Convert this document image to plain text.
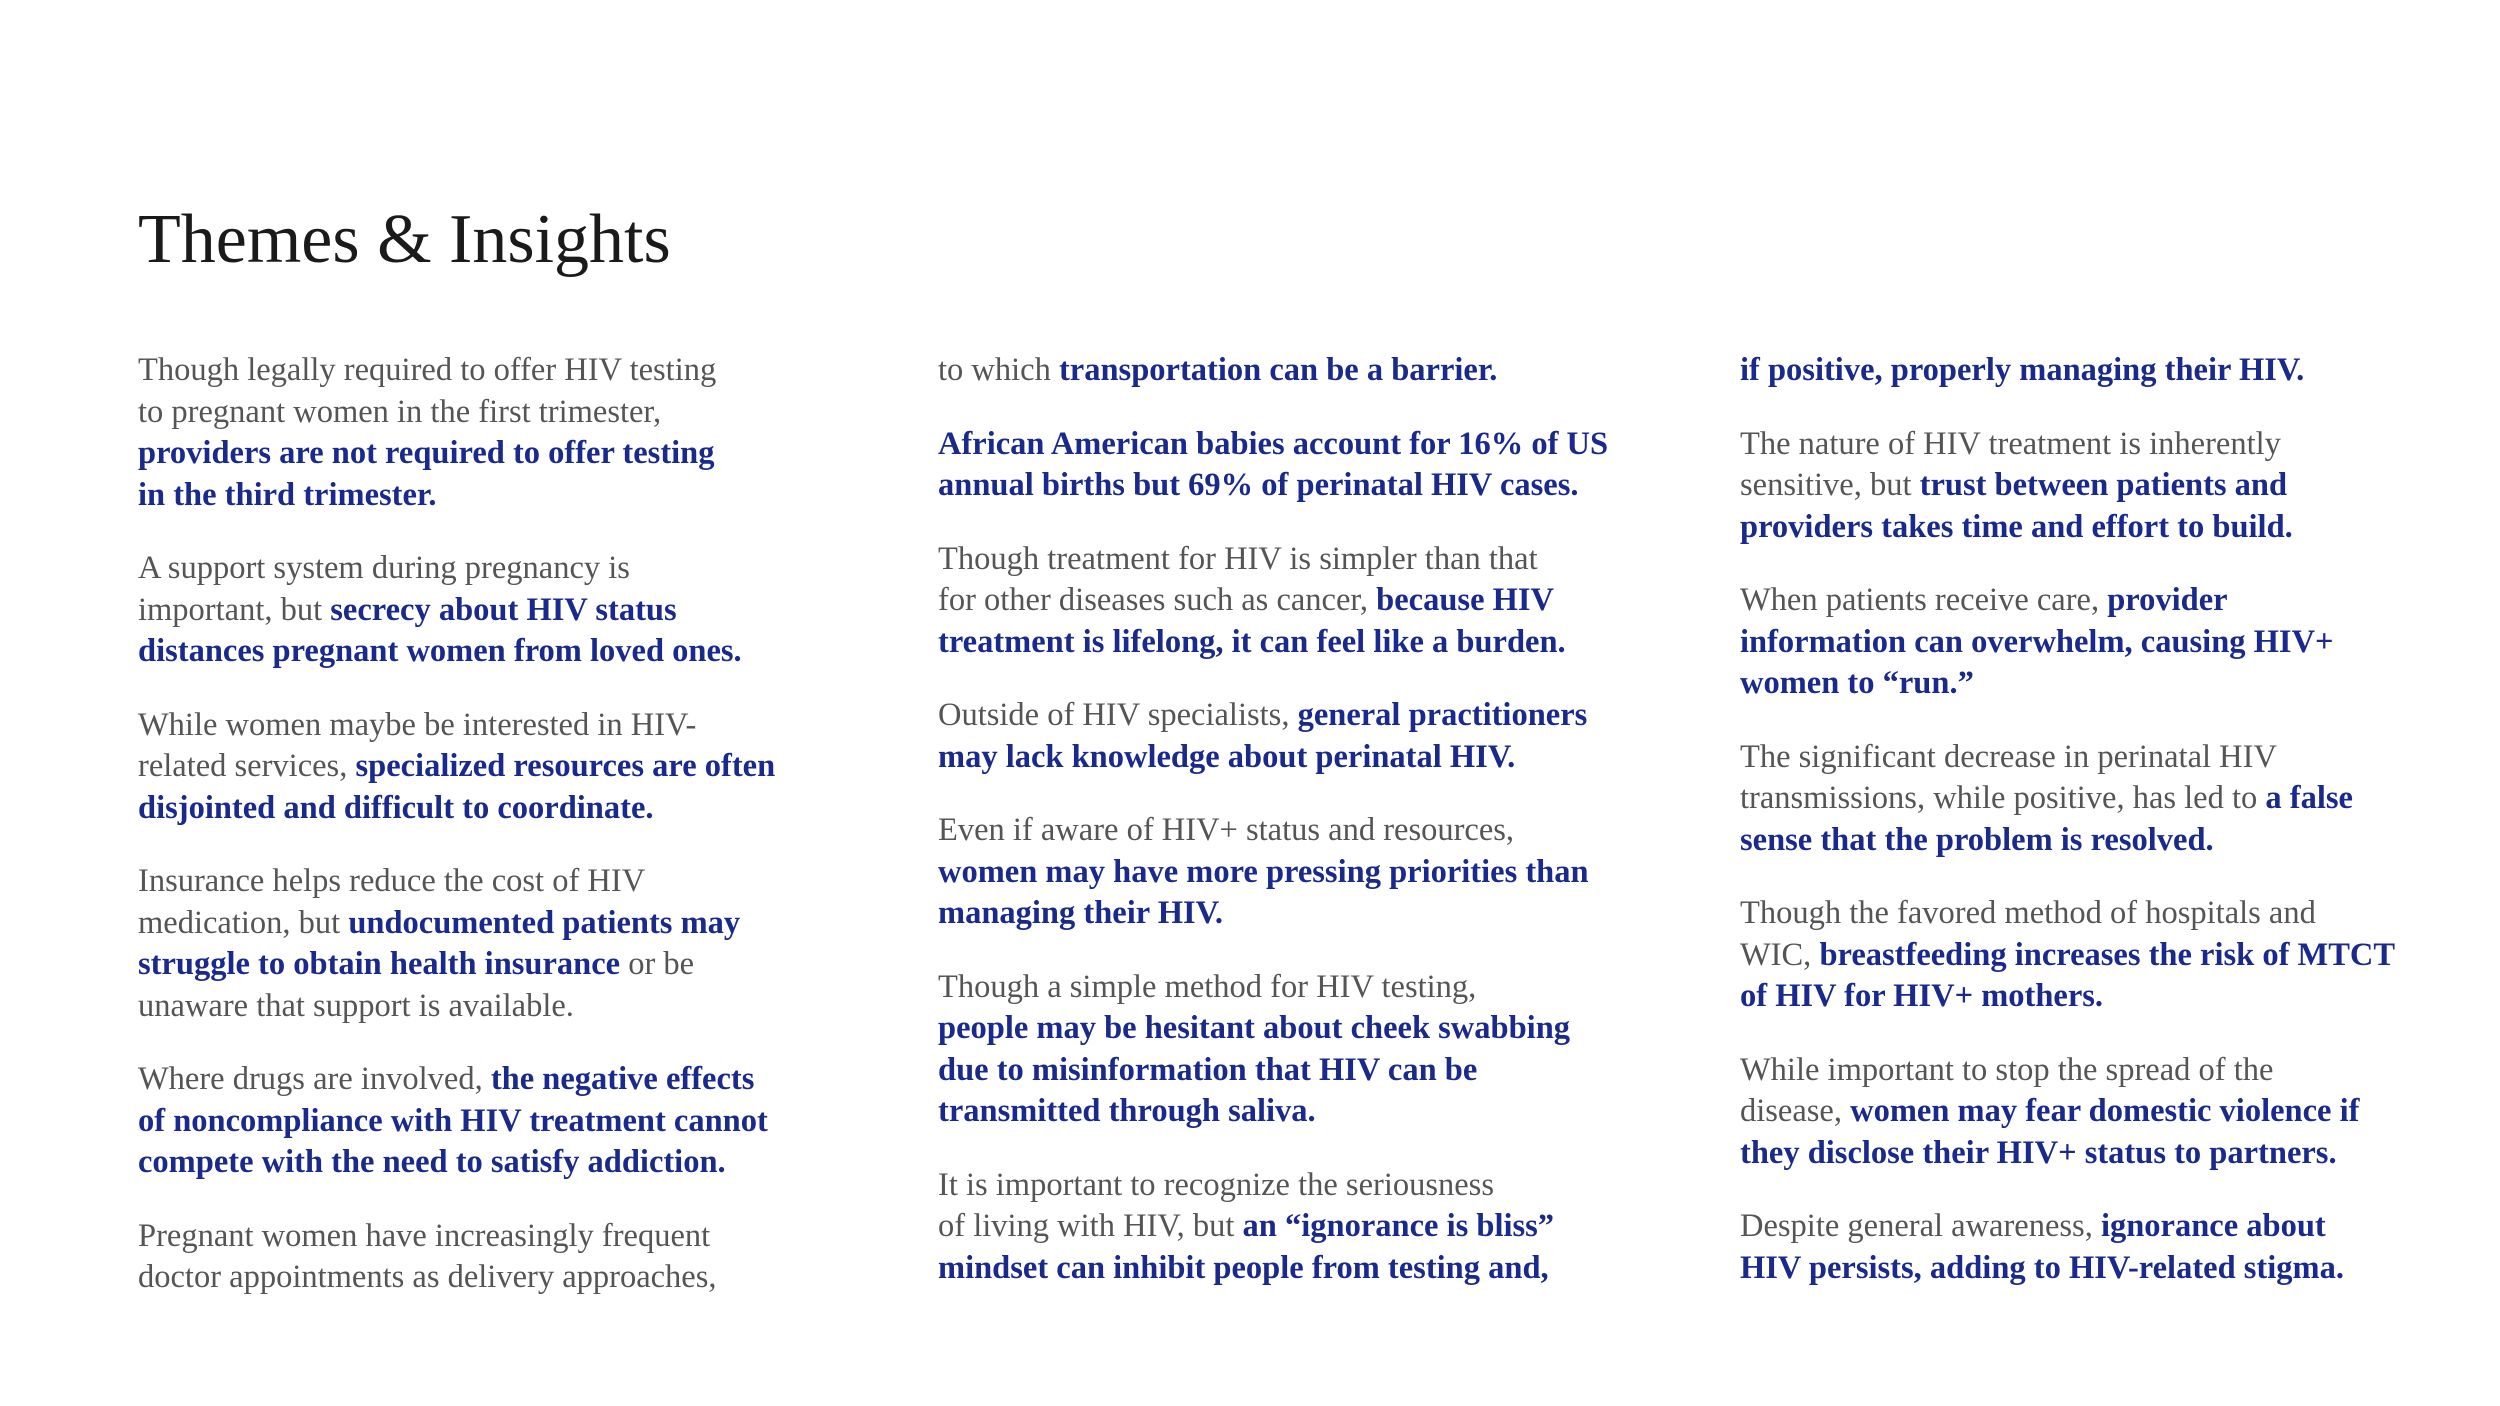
Themes & Insights

Though legally required to offer HIV testing
to pregnant women in the first trimester,
providers are not required to offer testing
in the third trimester.

A support system during pregnancy is
important, but secrecy about HIV status
distances pregnant women from loved ones.

While women maybe be interested in HIV-
related services, specialized resources are often
disjointed and difficult to coordinate.

Insurance helps reduce the cost of HIV
medication, but undocumented patients may
struggle to obtain health insurance or be
unaware that support is available.

Where drugs are involved, the negative effects
of noncompliance with HIV treatment cannot
compete with the need to satisfy addiction.

Pregnant women have increasingly frequent
doctor appointments as delivery approaches,

to which transportation can be a barrier.

African American babies account for 16% of US
annual births but 69% of perinatal HIV cases.

Though treatment for HIV is simpler than that
for other diseases such as cancer, because HIV
treatment is lifelong, it can feel like a burden.

Outside of HIV specialists, general practitioners
may lack knowledge about perinatal HIV.

Even if aware of HIV+ status and resources,
women may have more pressing priorities than
managing their HIV.

Though a simple method for HIV testing,
people may be hesitant about cheek swabbing
due to misinformation that HIV can be
transmitted through saliva.

It is important to recognize the seriousness
of living with HIV, but an “ignorance is bliss”
mindset can inhibit people from testing and,

if positive, properly managing their HIV.

The nature of HIV treatment is inherently
sensitive, but trust between patients and
providers takes time and effort to build.

When patients receive care, provider
information can overwhelm, causing HIV+
women to “run.”

The significant decrease in perinatal HIV
transmissions, while positive, has led to a false
sense that the problem is resolved.

Though the favored method of hospitals and
WIC, breastfeeding increases the risk of MTCT
of HIV for HIV+ mothers.

While important to stop the spread of the
disease, women may fear domestic violence if
they disclose their HIV+ status to partners.

Despite general awareness, ignorance about
HIV persists, adding to HIV-related stigma.
